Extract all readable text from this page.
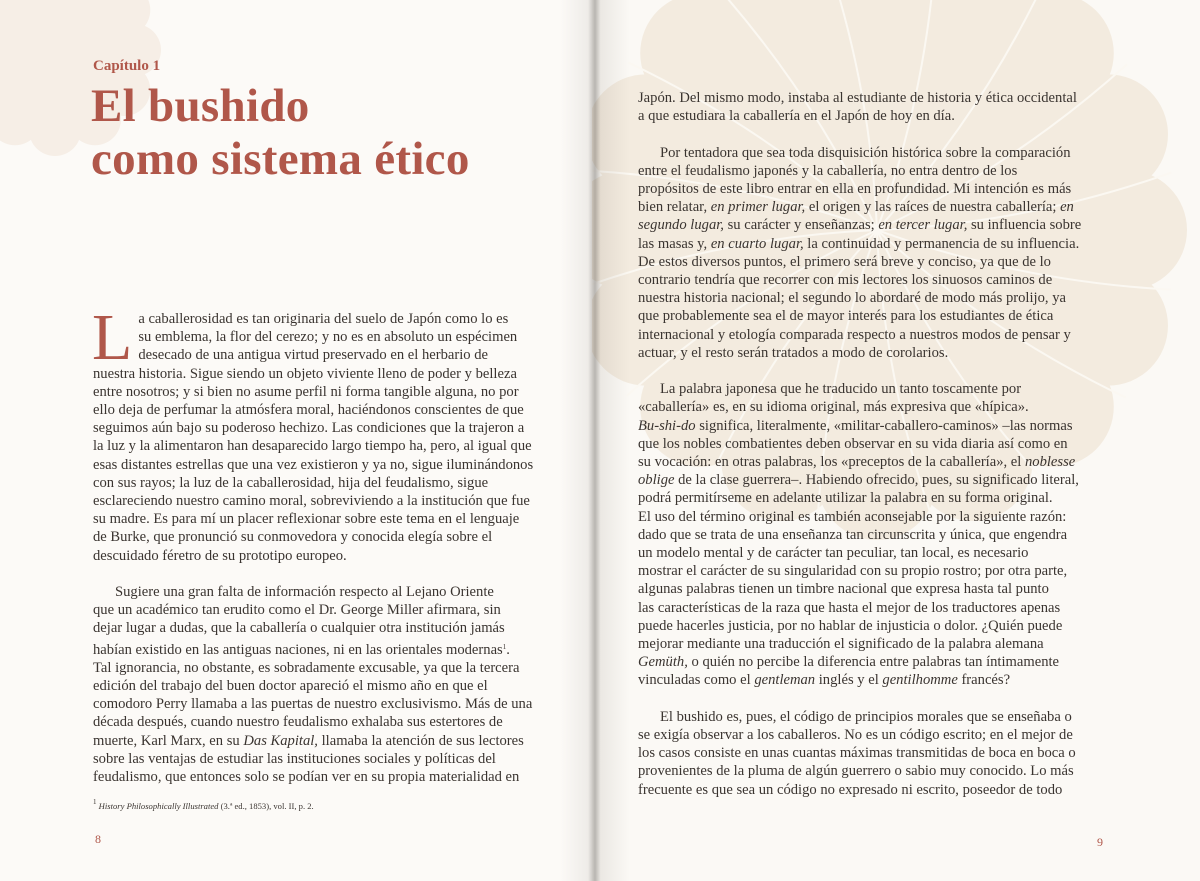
Capítulo 1
El bushido
como sistema ético
L a caballerosidad es tan originaria del suelo de Japón como lo es
su emblema, la flor del cerezo; y no es en absoluto un espécimen
desecado de una antigua virtud preservado en el herbario de
nuestra historia. Sigue siendo un objeto viviente lleno de poder y belleza
entre nosotros; y si bien no asume perfil ni forma tangible alguna, no por
ello deja de perfumar la atmósfera moral, haciéndonos conscientes de que
seguimos aún bajo su poderoso hechizo. Las condiciones que la trajeron a
la luz y la alimentaron han desaparecido largo tiempo ha, pero, al igual que
esas distantes estrellas que una vez existieron y ya no, sigue iluminándonos
con sus rayos; la luz de la caballerosidad, hija del feudalismo, sigue
esclareciendo nuestro camino moral, sobreviviendo a la institución que fue
su madre. Es para mí un placer reflexionar sobre este tema en el lenguaje
de Burke, que pronunció su conmovedora y conocida elegía sobre el
descuidado féretro de su prototipo europeo.
Sugiere una gran falta de información respecto al Lejano Oriente
que un académico tan erudito como el Dr. George Miller afirmara, sin
dejar lugar a dudas, que la caballería o cualquier otra institución jamás
habían existido en las antiguas naciones, ni en las orientales modernas$^1$.
Tal ignorancia, no obstante, es sobradamente excusable, ya que la tercera
edición del trabajo del buen doctor apareció el mismo año en que el
comodoro Perry llamaba a las puertas de nuestro exclusivismo. Más de una
década después, cuando nuestro feudalismo exhalaba sus estertores de
muerte, Karl Marx, en su Das Kapital, llamaba la atención de sus lectores
sobre las ventajas de estudiar las instituciones sociales y políticas del
feudalismo, que entonces solo se podían ver en su propia materialidad en
$^1$ History Philosophically Illustrated (3.ª ed., 1853), vol. II, p. 2.
8
Japón. Del mismo modo, instaba al estudiante de historia y ética occidental
a que estudiara la caballería en el Japón de hoy en día.
Por tentadora que sea toda disquisición histórica sobre la comparación
entre el feudalismo japonés y la caballería, no entra dentro de los
propósitos de este libro entrar en ella en profundidad. Mi intención es más
bien relatar, en primer lugar, el origen y las raíces de nuestra caballería; en
segundo lugar, su carácter y enseñanzas; en tercer lugar, su influencia sobre
las masas y, en cuarto lugar, la continuidad y permanencia de su influencia.
De estos diversos puntos, el primero será breve y conciso, ya que de lo
contrario tendría que recorrer con mis lectores los sinuosos caminos de
nuestra historia nacional; el segundo lo abordaré de modo más prolijo, ya
que probablemente sea el de mayor interés para los estudiantes de ética
internacional y etología comparada respecto a nuestros modos de pensar y
actuar, y el resto serán tratados a modo de corolarios.
La palabra japonesa que he traducido un tanto toscamente por
«caballería» es, en su idioma original, más expresiva que «hípica».
Bu-shi-do significa, literalmente, «militar-caballero-caminos» –las normas
que los nobles combatientes deben observar en su vida diaria así como en
su vocación: en otras palabras, los «preceptos de la caballería», el noblesse
oblige de la clase guerrera–. Habiendo ofrecido, pues, su significado literal,
podrá permitírseme en adelante utilizar la palabra en su forma original.
El uso del término original es también aconsejable por la siguiente razón:
dado que se trata de una enseñanza tan circunscrita y única, que engendra
un modelo mental y de carácter tan peculiar, tan local, es necesario
mostrar el carácter de su singularidad con su propio rostro; por otra parte,
algunas palabras tienen un timbre nacional que expresa hasta tal punto
las características de la raza que hasta el mejor de los traductores apenas
puede hacerles justicia, por no hablar de injusticia o dolor. ¿Quién puede
mejorar mediante una traducción el significado de la palabra alemana
Gemüth, o quién no percibe la diferencia entre palabras tan íntimamente
vinculadas como el gentleman inglés y el gentilhomme francés?
El bushido es, pues, el código de principios morales que se enseñaba o
se exigía observar a los caballeros. No es un código escrito; en el mejor de
los casos consiste en unas cuantas máximas transmitidas de boca en boca o
provenientes de la pluma de algún guerrero o sabio muy conocido. Lo más
frecuente es que sea un código no expresado ni escrito, poseedor de todo
9
